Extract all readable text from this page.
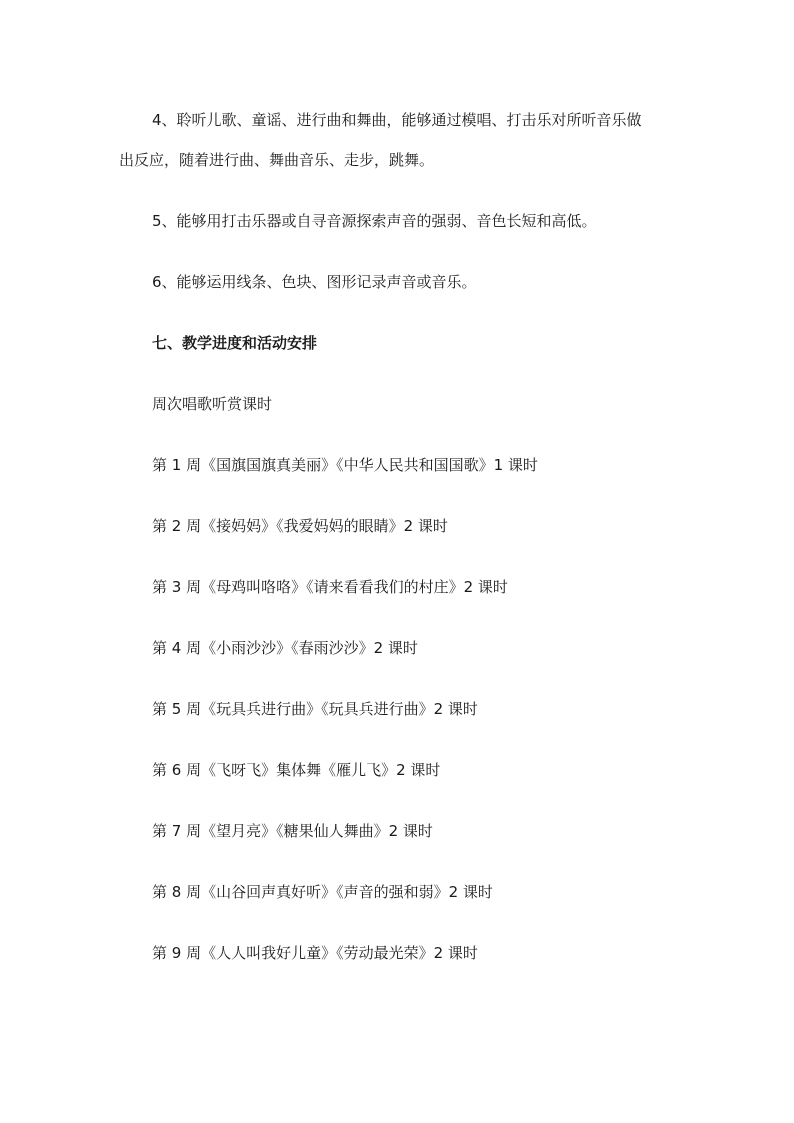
4、聆听儿歌、童谣、进行曲和舞曲，能够通过模唱、打击乐对所听音乐做
出反应，随着进行曲、舞曲音乐、走步，跳舞。
5、能够用打击乐器或自寻音源探索声音的强弱、音色长短和高低。
6、能够运用线条、色块、图形记录声音或音乐。
七、教学进度和活动安排
周次唱歌听赏课时
第 1 周《国旗国旗真美丽》《中华人民共和国国歌》1 课时
第 2 周《接妈妈》《我爱妈妈的眼睛》2 课时
第 3 周《母鸡叫咯咯》《请来看看我们的村庄》2 课时
第 4 周《小雨沙沙》《春雨沙沙》2 课时
第 5 周《玩具兵进行曲》《玩具兵进行曲》2 课时
第 6 周《飞呀飞》集体舞《雁儿飞》2 课时
第 7 周《望月亮》《糖果仙人舞曲》2 课时
第 8 周《山谷回声真好听》《声音的强和弱》2 课时
第 9 周《人人叫我好儿童》《劳动最光荣》2 课时
